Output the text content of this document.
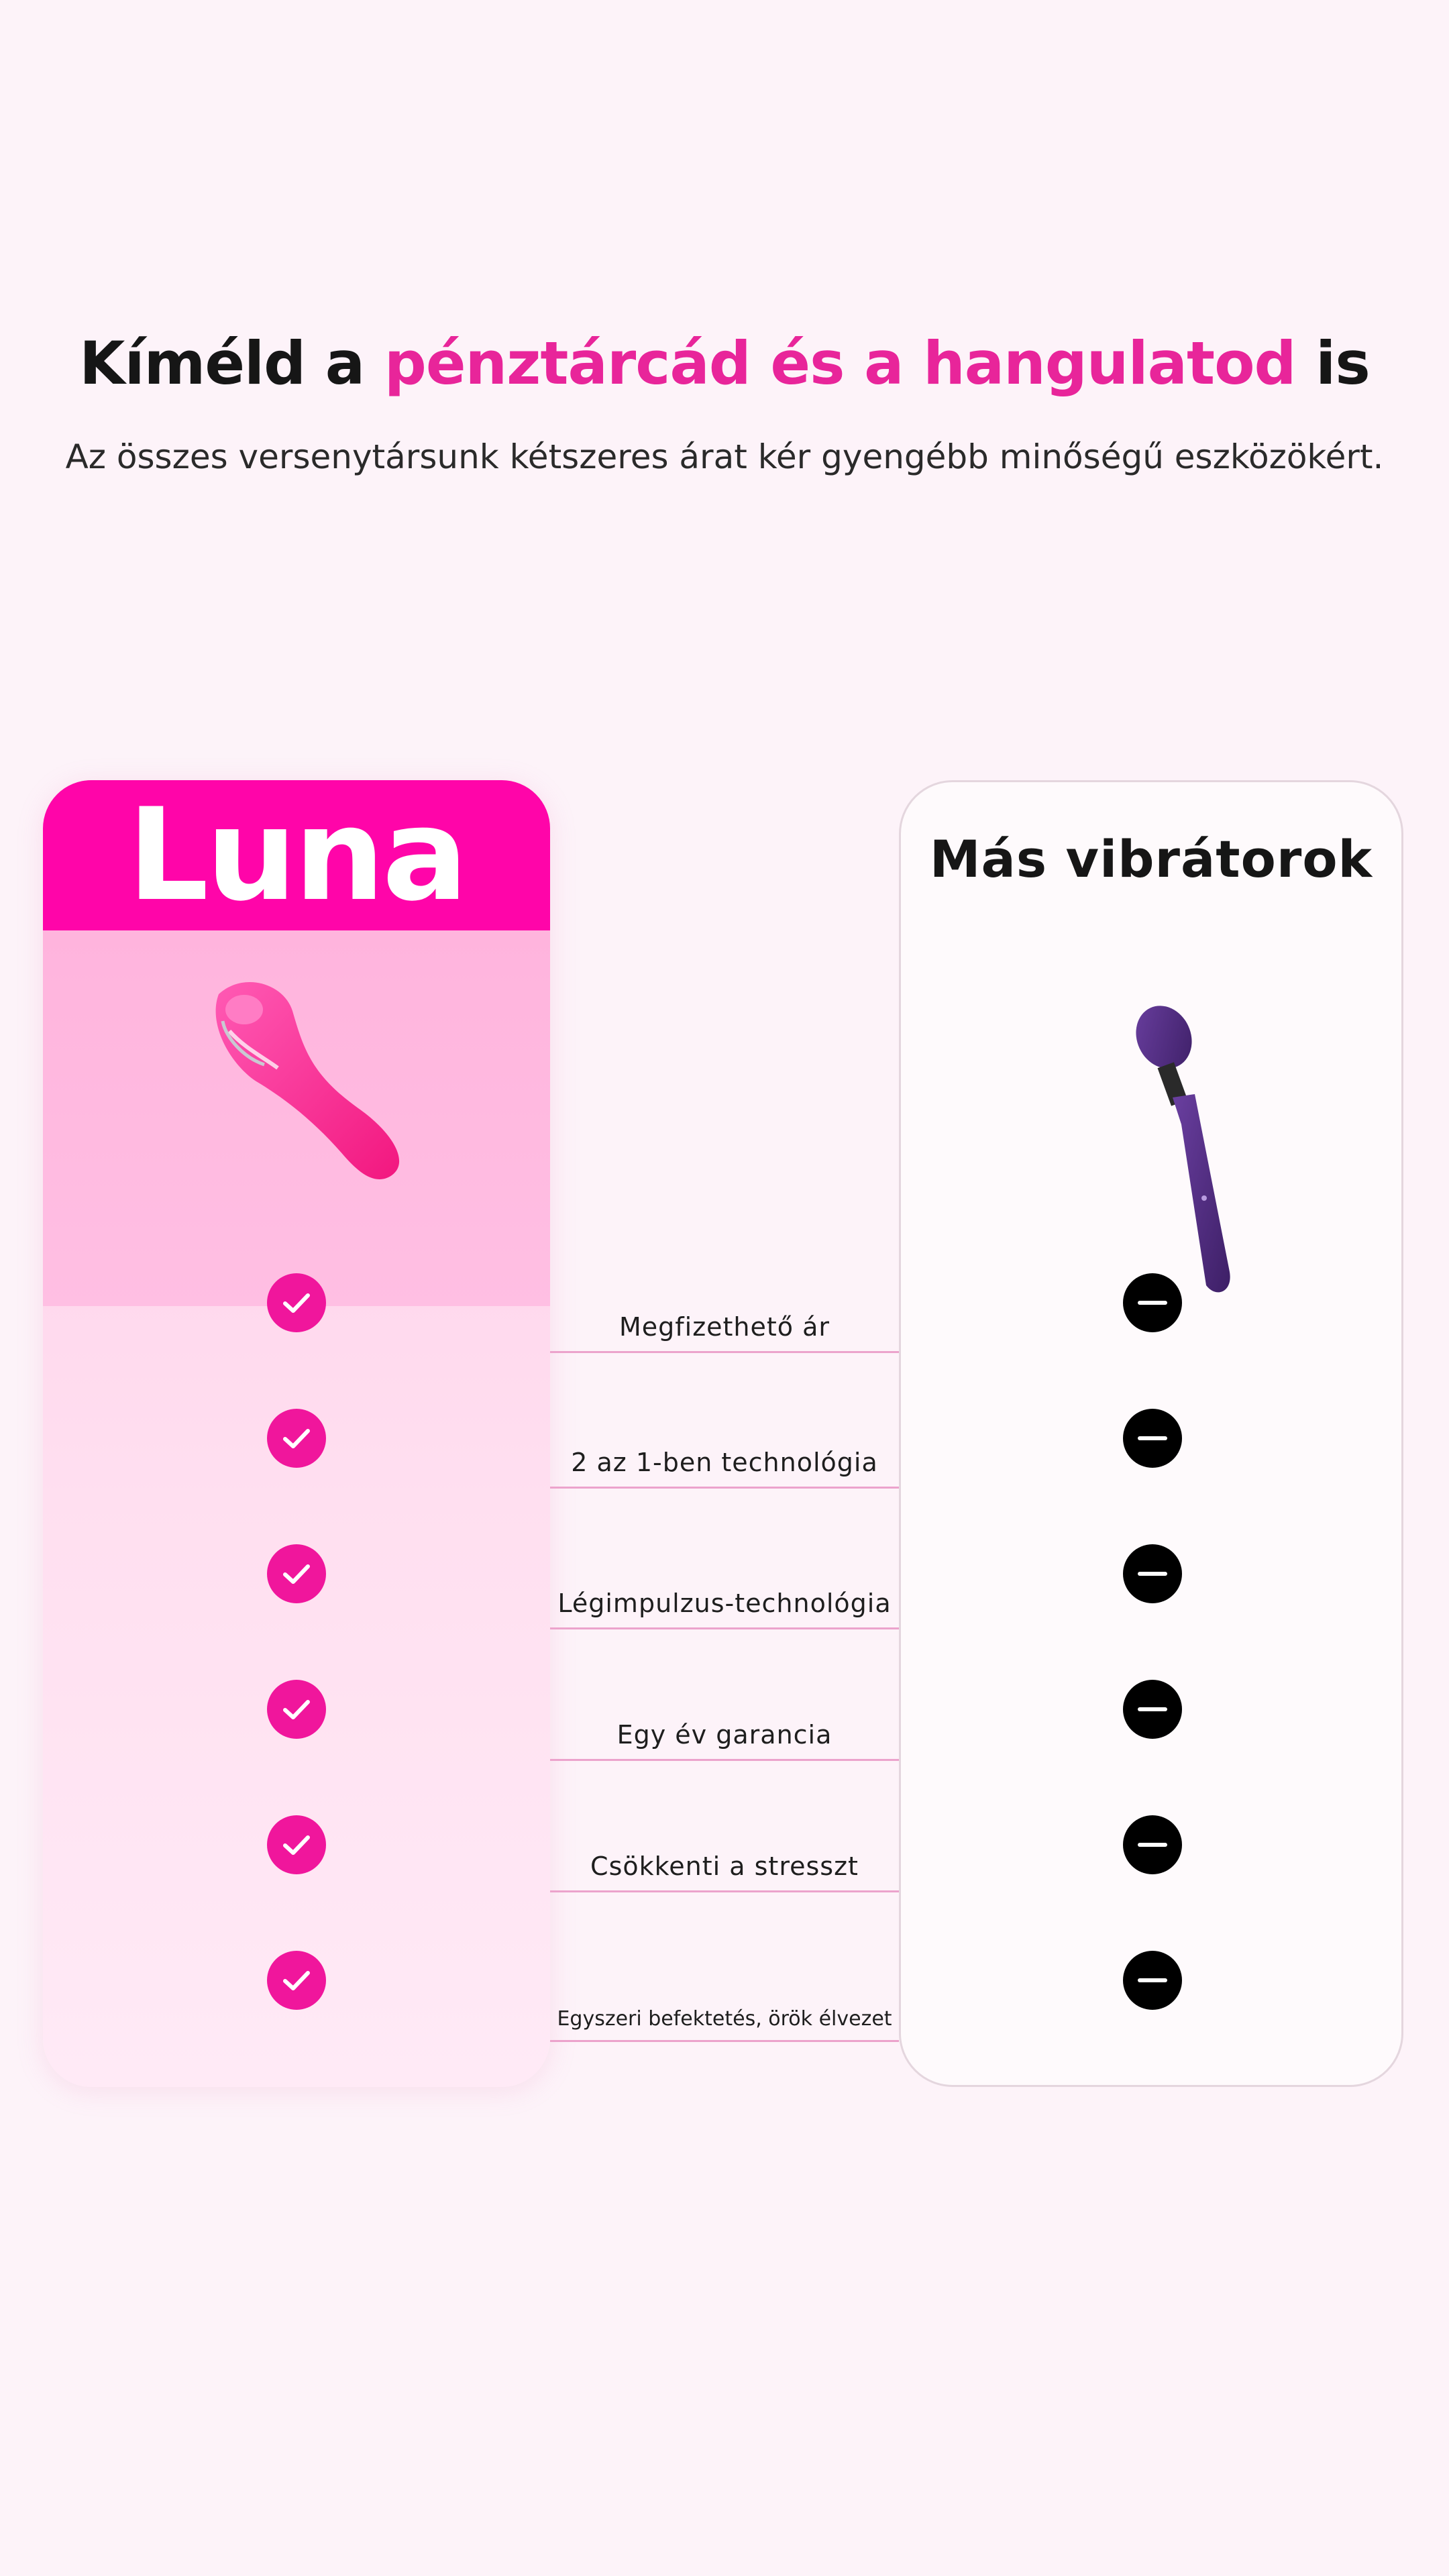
Kíméld a pénztárcád és a hangulatod is
Az összes versenytársunk kétszeres árat kér gyengébb minőségű eszközökért.
Luna	Más vibrátorok
Megfizethető ár
2 az 1-ben technológia
Légimpulzus-technológia
Egy év garancia
Csökkenti a stresszt
Egyszeri befektetés, örök élvezet
